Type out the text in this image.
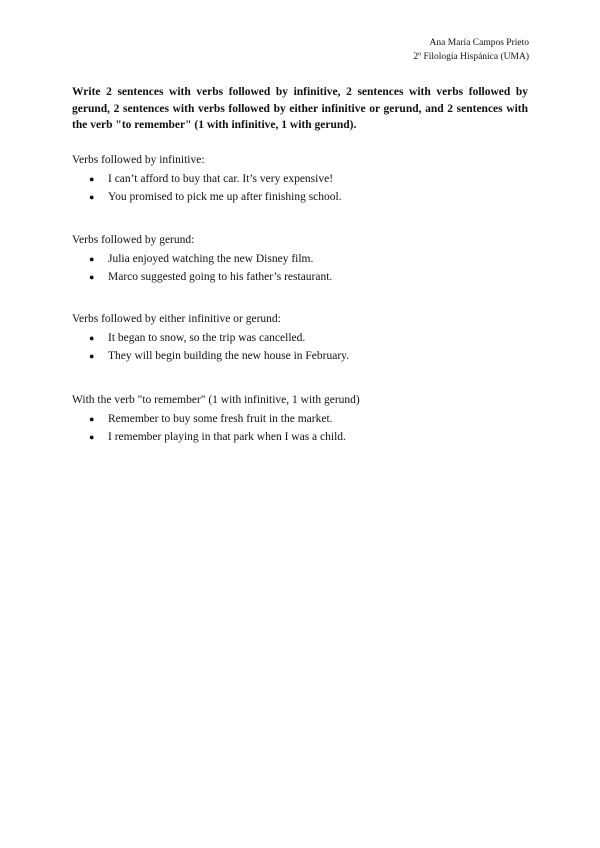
Ana María Campos Prieto
2º Filología Hispánica (UMA)

Write 2 sentences with verbs followed by infinitive, 2 sentences with verbs followed by gerund, 2 sentences with verbs followed by either infinitive or gerund, and 2 sentences with the verb "to remember" (1 with infinitive, 1 with gerund).

Verbs followed by infinitive:

● I can’t afford to buy that car. It’s very expensive!
● You promised to pick me up after finishing school.

Verbs followed by gerund:

● Julia enjoyed watching the new Disney film.
● Marco suggested going to his father’s restaurant.

Verbs followed by either infinitive or gerund:

● It began to snow, so the trip was cancelled.
● They will begin building the new house in February.

With the verb "to remember" (1 with infinitive, 1 with gerund)

● Remember to buy some fresh fruit in the market.
● I remember playing in that park when I was a child.
